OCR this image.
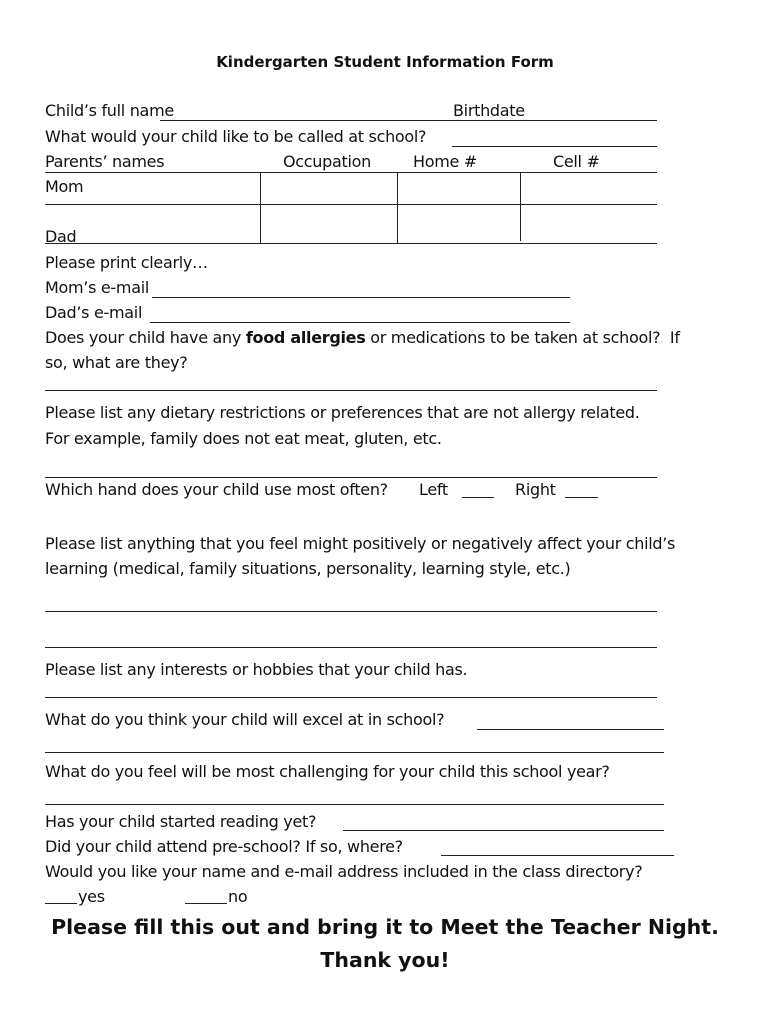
Kindergarten Student Information Form
Child’s full name	Birthdate
What would your child like to be called at school?
Parents’ names	Occupation	Home #	Cell #
Mom
Dad
Please print clearly…
Mom’s e-mail
Dad’s e-mail
Does your child have any food allergies or medications to be taken at school?  If
so, what are they?
Please list any dietary restrictions or preferences that are not allergy related.
For example, family does not eat meat, gluten, etc.
Which hand does your child use most often? Left	Right
Please list anything that you feel might positively or negatively affect your child’s
learning (medical, family situations, personality, learning style, etc.)
Please list any interests or hobbies that your child has.
What do you think your child will excel at in school?
What do you feel will be most challenging for your child this school year?
Has your child started reading yet?
Did your child attend pre-school? If so, where?
Would you like your name and e-mail address included in the class directory?
yes	no
Please fill this out and bring it to Meet the Teacher Night.
Thank you!
